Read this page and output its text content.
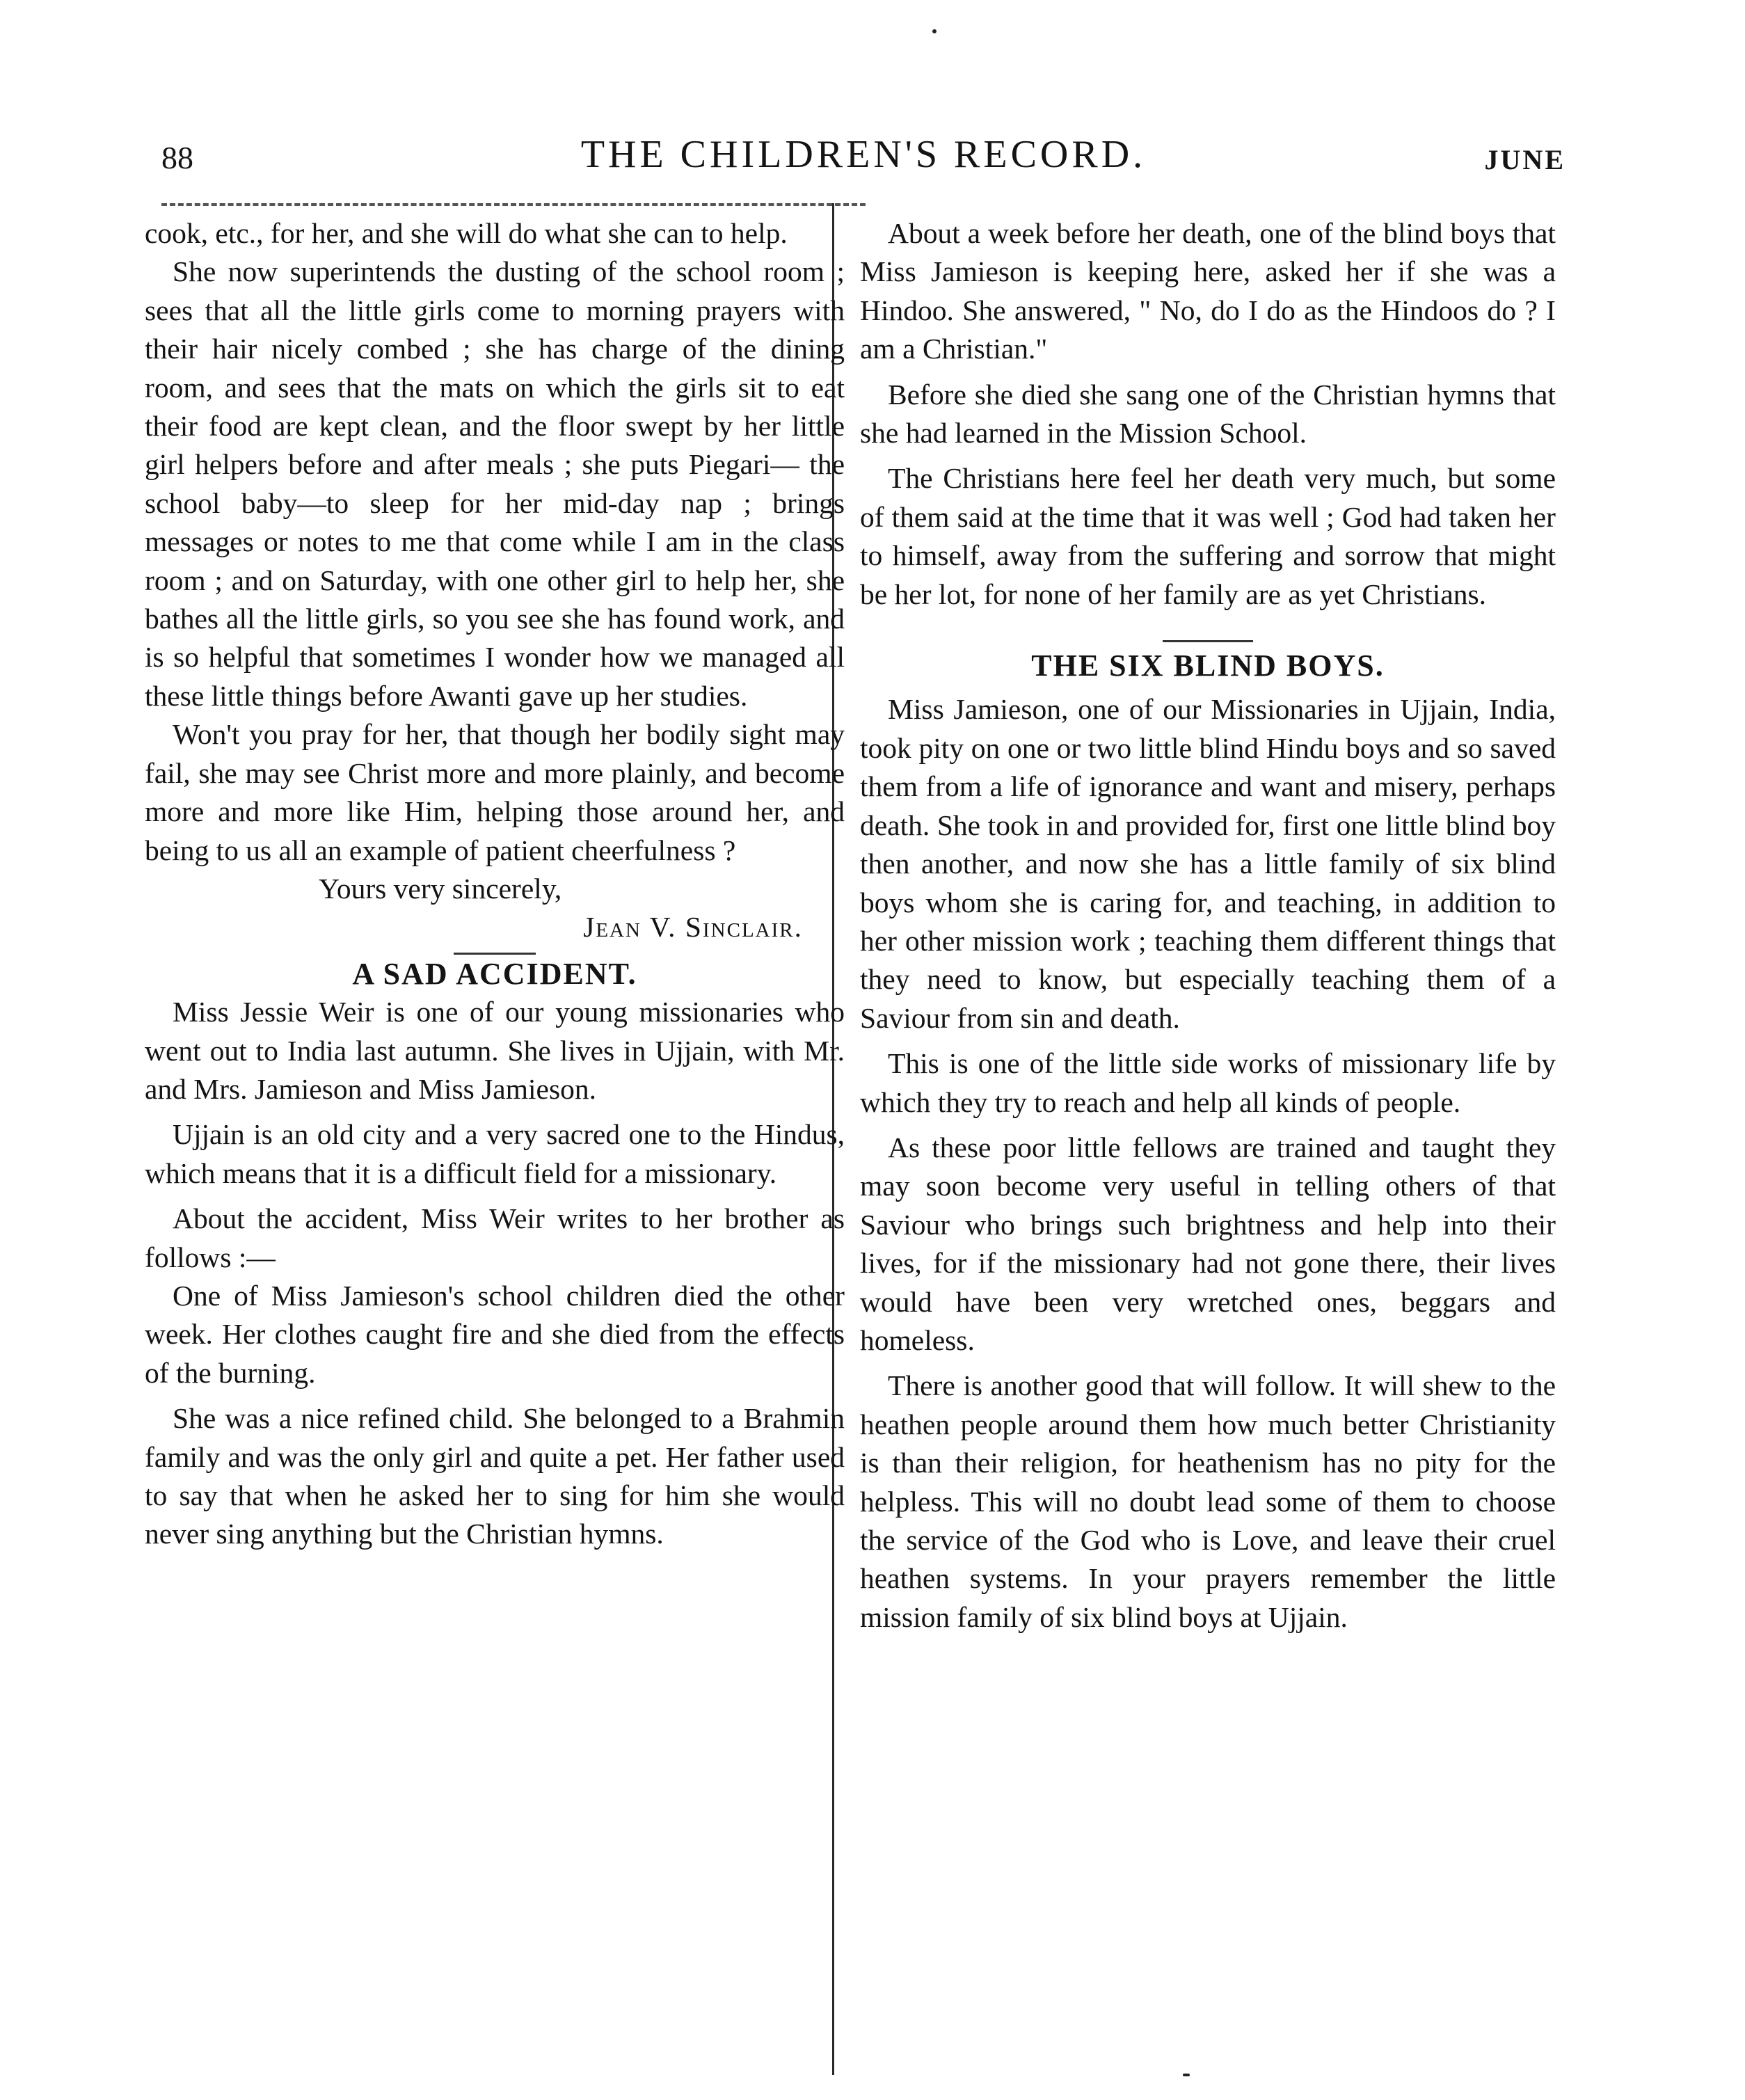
88	THE CHILDREN'S RECORD.	JUNE

cook, etc., for her, and she will do what she can to help.

She now superintends the dusting of the school room ; sees that all the little girls come to morning prayers with their hair nicely combed ; she has charge of the dining room, and sees that the mats on which the girls sit to eat their food are kept clean, and the floor swept by her little girl helpers before and after meals ; she puts Piegari— the school baby—to sleep for her mid-day nap ; brings messages or notes to me that come while I am in the class room ; and on Saturday, with one other girl to help her, she bathes all the little girls, so you see she has found work, and is so helpful that sometimes I wonder how we managed all these little things before Awanti gave up her studies.

Won't you pray for her, that though her bodily sight may fail, she may see Christ more and more plainly, and become more and more like Him, helping those around her, and being to us all an example of patient cheerfulness ?

Yours very sincerely,

Jean V. Sinclair.

A SAD ACCIDENT.

Miss Jessie Weir is one of our young missionaries who went out to India last autumn. She lives in Ujjain, with Mr. and Mrs. Jamieson and Miss Jamieson.

Ujjain is an old city and a very sacred one to the Hindus, which means that it is a difficult field for a missionary.

About the accident, Miss Weir writes to her brother as follows :—

One of Miss Jamieson's school children died the other week. Her clothes caught fire and she died from the effects of the burning.

She was a nice refined child. She belonged to a Brahmin family and was the only girl and quite a pet. Her father used to say that when he asked her to sing for him she would never sing anything but the Christian hymns.

About a week before her death, one of the blind boys that Miss Jamieson is keeping here, asked her if she was a Hindoo. She answered, " No, do I do as the Hindoos do ? I am a Christian."

Before she died she sang one of the Christian hymns that she had learned in the Mission School.

The Christians here feel her death very much, but some of them said at the time that it was well ; God had taken her to himself, away from the suffering and sorrow that might be her lot, for none of her family are as yet Christians.

THE SIX BLIND BOYS.

Miss Jamieson, one of our Missionaries in Ujjain, India, took pity on one or two little blind Hindu boys and so saved them from a life of ignorance and want and misery, perhaps death. She took in and provided for, first one little blind boy then another, and now she has a little family of six blind boys whom she is caring for, and teaching, in addition to her other mission work ; teaching them different things that they need to know, but especially teaching them of a Saviour from sin and death.

This is one of the little side works of missionary life by which they try to reach and help all kinds of people.

As these poor little fellows are trained and taught they may soon become very useful in telling others of that Saviour who brings such brightness and help into their lives, for if the missionary had not gone there, their lives would have been very wretched ones, beggars and homeless.

There is another good that will follow. It will shew to the heathen people around them how much better Christianity is than their religion, for heathenism has no pity for the helpless. This will no doubt lead some of them to choose the service of the God who is Love, and leave their cruel heathen systems. In your prayers remember the little mission family of six blind boys at Ujjain.
